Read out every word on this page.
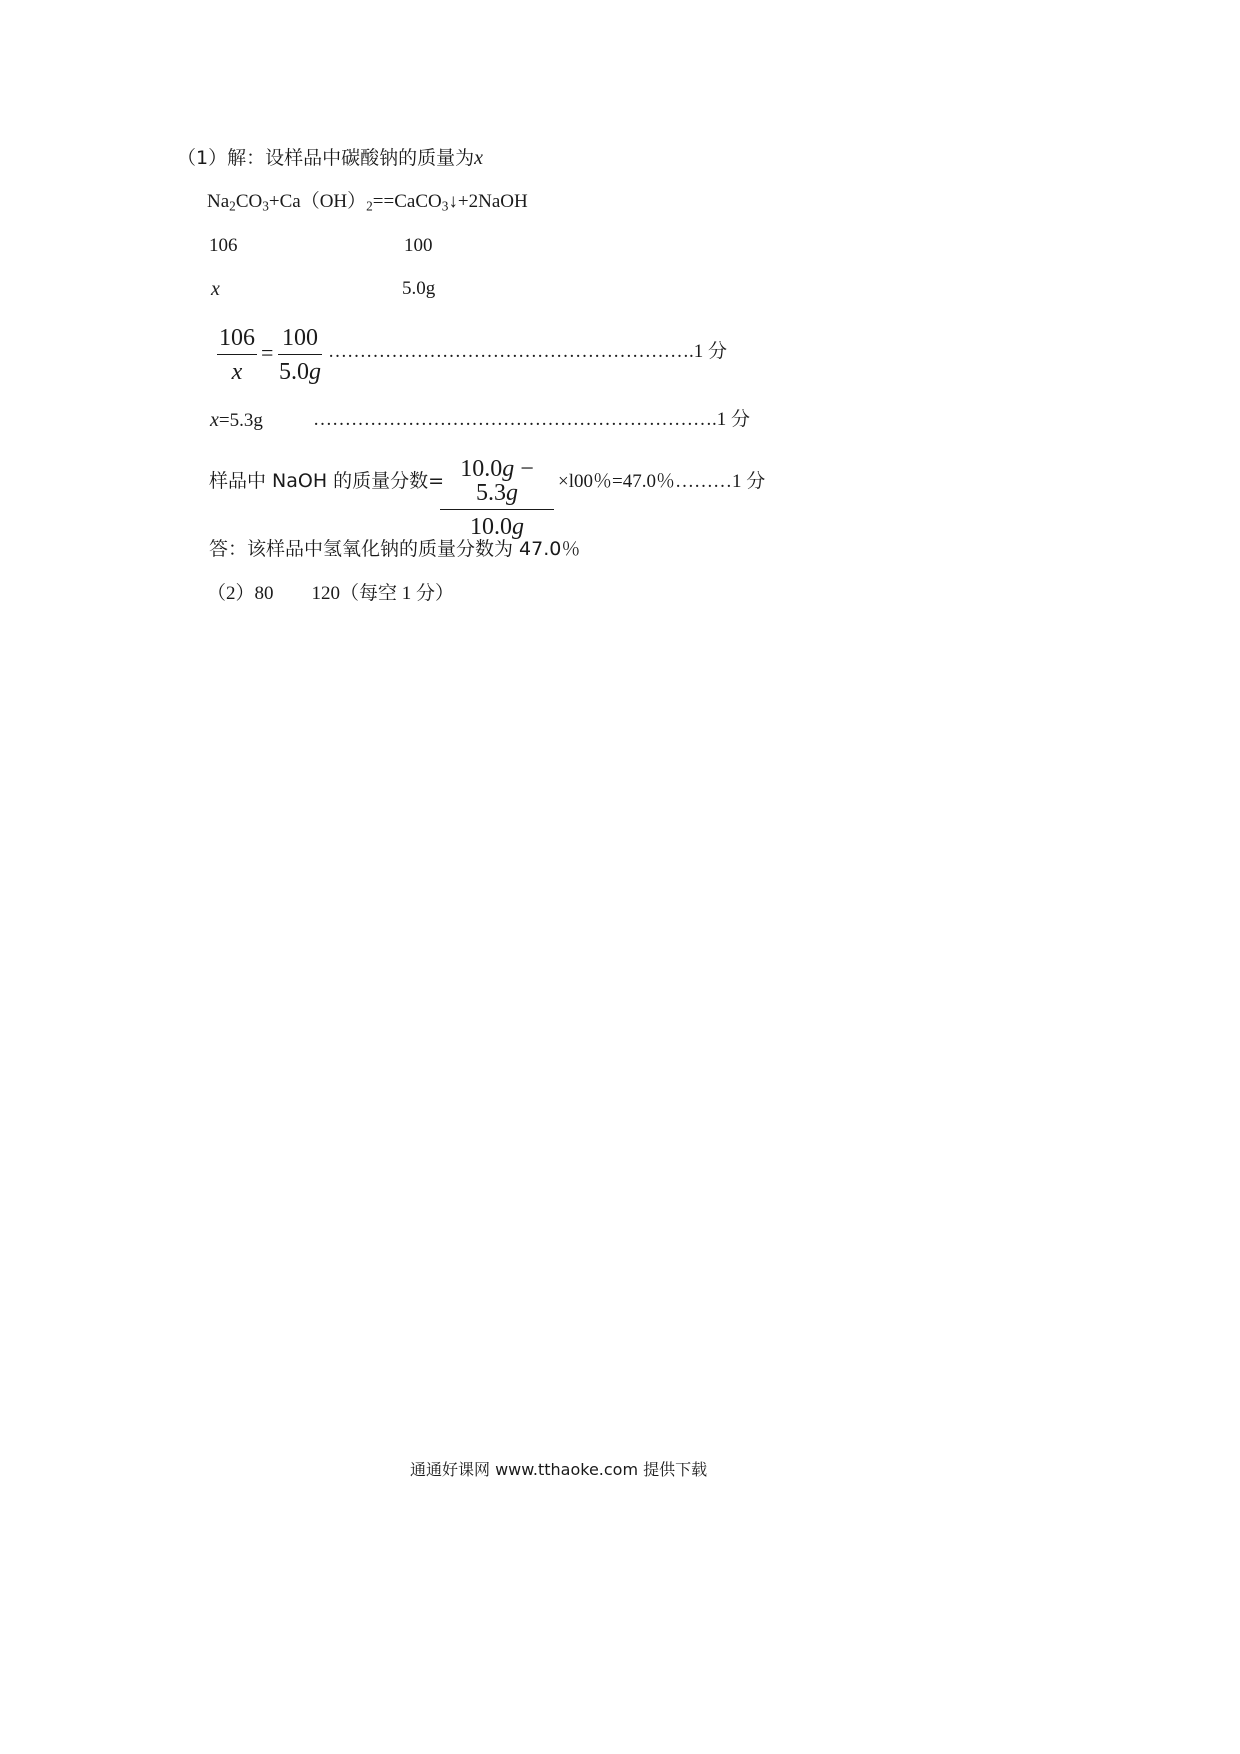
（1）解：设样品中碳酸钠的质量为x
$Na_2CO_3+Ca(OH)_2==CaCO_3↓+2NaOH$
106	100
x	5.0g
$\frac{106}{x} = \frac{100}{5.0g}$ ………………………………………………….1 分
x=5.3g	……………………………………………………….1 分
样品中 NaOH 的质量分数=
$\frac{10.0g - 5.3g}{10.0g} \times l00$％=47.0％………1 分
答：该样品中氢氧化钠的质量分数为 47.0％
（2）80　　120（每空 1 分）
通通好课网 www.tthaoke.com 提供下载
